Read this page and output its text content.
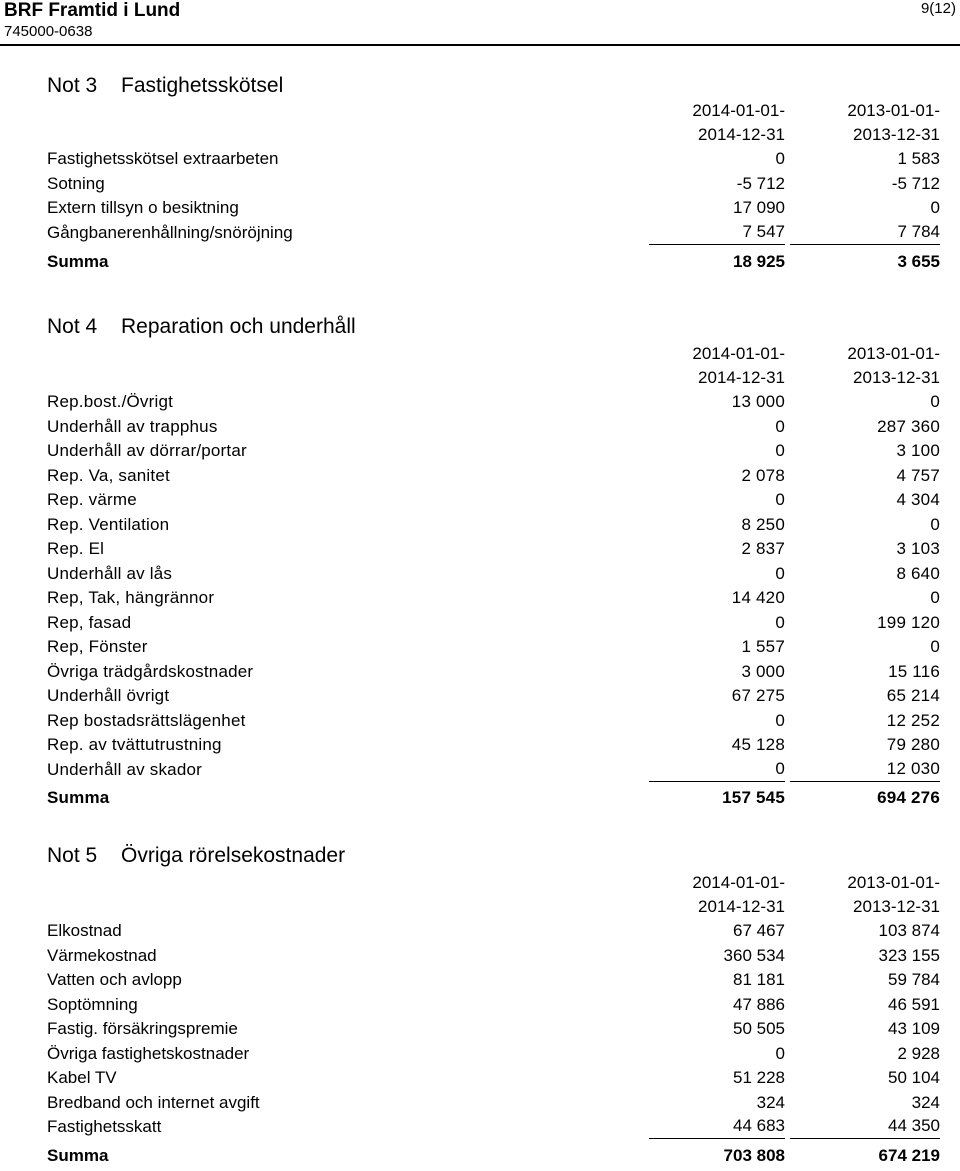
BRF Framtid i Lund
745000-0638
9(12)
Not 3 Fastighetsskötsel
2014-01-01-
2014-12-31
2013-01-01-
2013-12-31
Fastighetsskötsel extraarbeten	0	1 583
Sotning	-5 712	-5 712
Extern tillsyn o besiktning	17 090	0
Gångbanerenhållning/snöröjning	7 547	7 784
Summa	18 925	3 655
Not 4 Reparation och underhåll
2014-01-01-
2014-12-31
2013-01-01-
2013-12-31
Rep.bost./Övrigt	13 000	0
Underhåll av trapphus	0	287 360
Underhåll av dörrar/portar	0	3 100
Rep. Va, sanitet	2 078	4 757
Rep. värme	0	4 304
Rep. Ventilation	8 250	0
Rep. El	2 837	3 103
Underhåll av lås	0	8 640
Rep, Tak, hängrännor	14 420	0
Rep, fasad	0	199 120
Rep, Fönster	1 557	0
Övriga trädgårdskostnader	3 000	15 116
Underhåll övrigt	67 275	65 214
Rep bostadsrättslägenhet	0	12 252
Rep. av tvättutrustning	45 128	79 280
Underhåll av skador	0	12 030
Summa	157 545	694 276
Not 5 Övriga rörelsekostnader
2014-01-01-
2014-12-31
2013-01-01-
2013-12-31
Elkostnad	67 467	103 874
Värmekostnad	360 534	323 155
Vatten och avlopp	81 181	59 784
Soptömning	47 886	46 591
Fastig. försäkringspremie	50 505	43 109
Övriga fastighetskostnader	0	2 928
Kabel TV	51 228	50 104
Bredband och internet avgift	324	324
Fastighetsskatt	44 683	44 350
Summa	703 808	674 219
